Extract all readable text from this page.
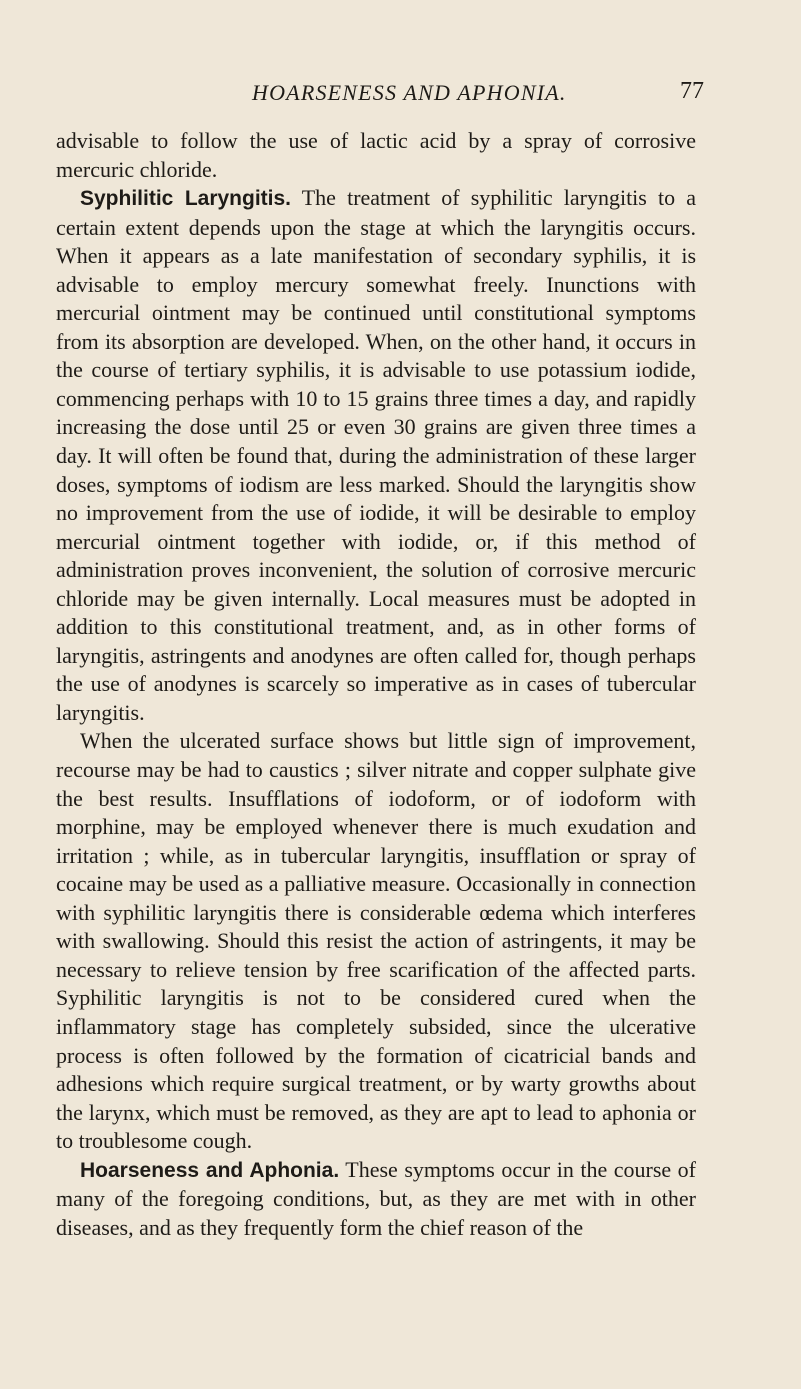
HOARSENESS AND APHONIA.	77

advisable to follow the use of lactic acid by a spray of corrosive mercuric chloride.

Syphilitic Laryngitis. The treatment of syphilitic laryngitis to a certain extent depends upon the stage at which the laryngitis occurs. When it appears as a late manifestation of secondary syphilis, it is advisable to employ mercury somewhat freely. Inunctions with mercurial ointment may be continued until constitutional symptoms from its absorption are developed. When, on the other hand, it occurs in the course of tertiary syphilis, it is advisable to use potassium iodide, commencing perhaps with 10 to 15 grains three times a day, and rapidly increasing the dose until 25 or even 30 grains are given three times a day. It will often be found that, during the administration of these larger doses, symptoms of iodism are less marked. Should the laryngitis show no improvement from the use of iodide, it will be desirable to employ mercurial ointment together with iodide, or, if this method of administration proves inconvenient, the solution of corrosive mercuric chloride may be given internally. Local measures must be adopted in addition to this constitutional treatment, and, as in other forms of laryngitis, astringents and anodynes are often called for, though perhaps the use of anodynes is scarcely so imperative as in cases of tubercular laryngitis.

When the ulcerated surface shows but little sign of improvement, recourse may be had to caustics ; silver nitrate and copper sulphate give the best results. Insufflations of iodoform, or of iodoform with morphine, may be employed whenever there is much exudation and irritation ; while, as in tubercular laryngitis, insufflation or spray of cocaine may be used as a palliative measure. Occasionally in connection with syphilitic laryngitis there is considerable œdema which interferes with swallowing. Should this resist the action of astringents, it may be necessary to relieve tension by free scarification of the affected parts. Syphilitic laryngitis is not to be considered cured when the inflammatory stage has completely subsided, since the ulcerative process is often followed by the formation of cicatricial bands and adhesions which require surgical treatment, or by warty growths about the larynx, which must be removed, as they are apt to lead to aphonia or to troublesome cough.

Hoarseness and Aphonia. These symptoms occur in the course of many of the foregoing conditions, but, as they are met with in other diseases, and as they frequently form the chief reason of the
